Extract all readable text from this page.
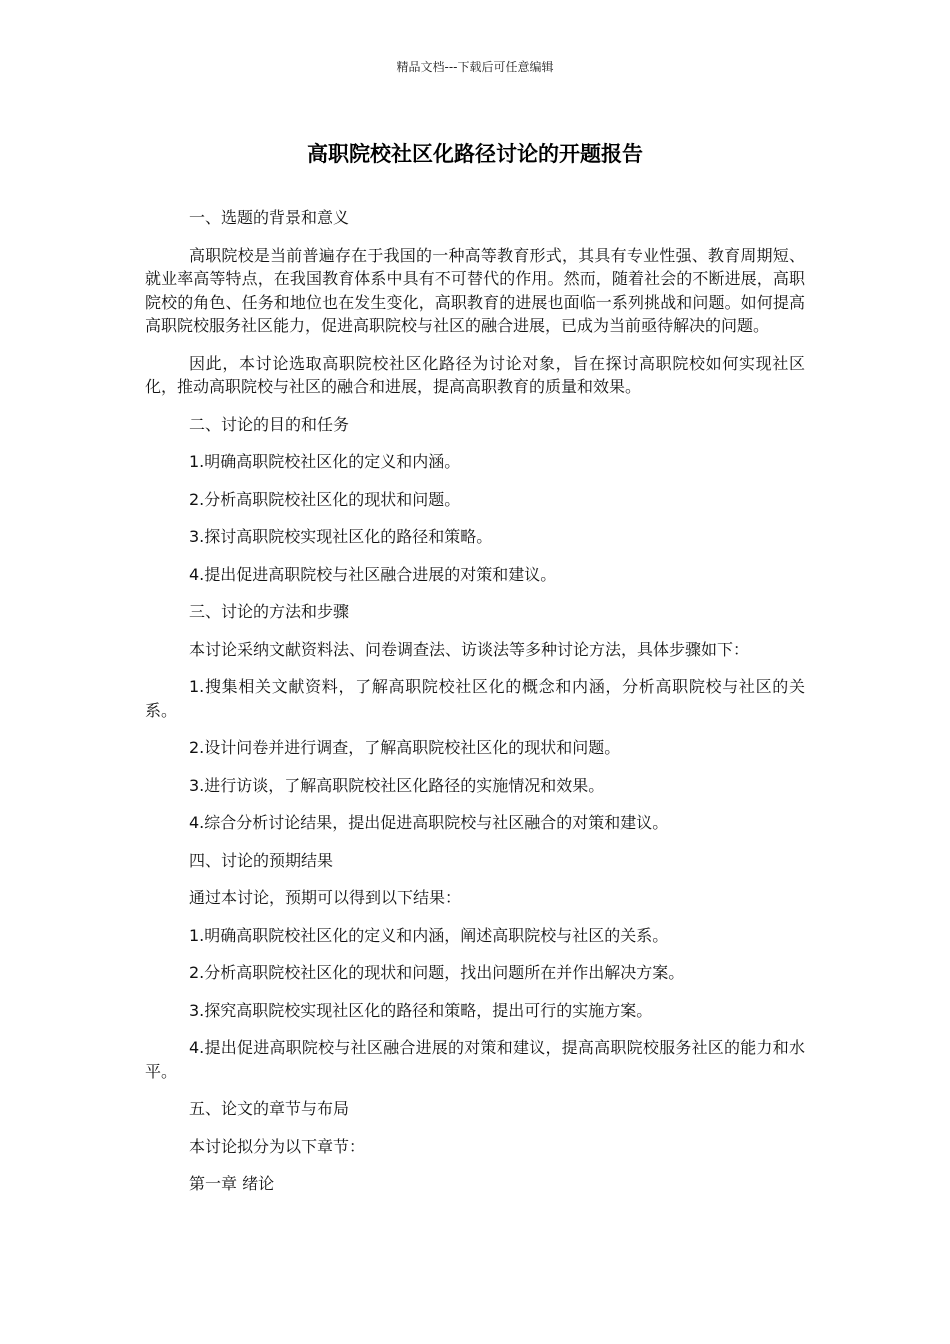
精品文档---下载后可任意编辑
高职院校社区化路径讨论的开题报告

一、选题的背景和意义

高职院校是当前普遍存在于我国的一种高等教育形式，其具有专业性强、教育周期短、就业率高等特点，在我国教育体系中具有不可替代的作用。然而，随着社会的不断进展，高职院校的角色、任务和地位也在发生变化，高职教育的进展也面临一系列挑战和问题。如何提高高职院校服务社区能力，促进高职院校与社区的融合进展，已成为当前亟待解决的问题。

因此，本讨论选取高职院校社区化路径为讨论对象，旨在探讨高职院校如何实现社区化，推动高职院校与社区的融合和进展，提高高职教育的质量和效果。

二、讨论的目的和任务

1.明确高职院校社区化的定义和内涵。

2.分析高职院校社区化的现状和问题。

3.探讨高职院校实现社区化的路径和策略。

4.提出促进高职院校与社区融合进展的对策和建议。

三、讨论的方法和步骤

本讨论采纳文献资料法、问卷调查法、访谈法等多种讨论方法，具体步骤如下：

1.搜集相关文献资料，了解高职院校社区化的概念和内涵，分析高职院校与社区的关系。

2.设计问卷并进行调查，了解高职院校社区化的现状和问题。

3.进行访谈，了解高职院校社区化路径的实施情况和效果。

4.综合分析讨论结果，提出促进高职院校与社区融合的对策和建议。

四、讨论的预期结果

通过本讨论，预期可以得到以下结果：

1.明确高职院校社区化的定义和内涵，阐述高职院校与社区的关系。

2.分析高职院校社区化的现状和问题，找出问题所在并作出解决方案。

3.探究高职院校实现社区化的路径和策略，提出可行的实施方案。

4.提出促进高职院校与社区融合进展的对策和建议，提高高职院校服务社区的能力和水平。

五、论文的章节与布局

本讨论拟分为以下章节：

第一章 绪论
